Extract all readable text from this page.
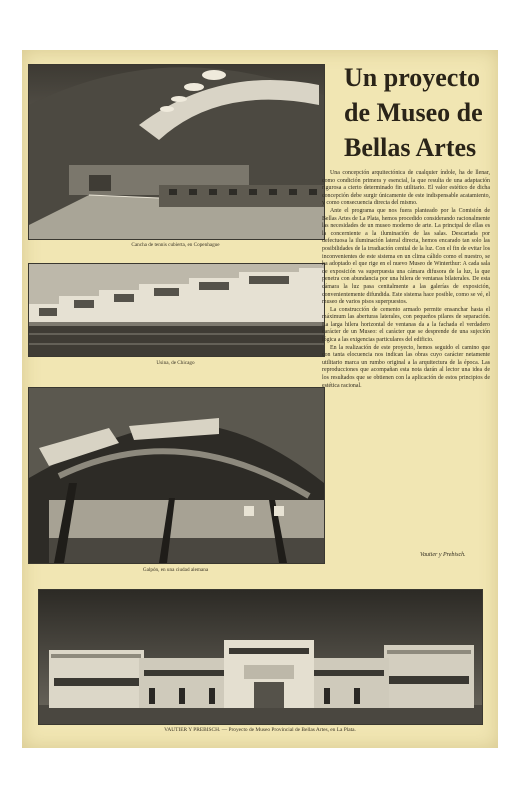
Cancha de tennis cubierta, en Copenhague
Usina, de Chicago
Galpón, en una ciudad alemana
Un proyecto
de Museo de
Bellas Artes

Una concepción arquitectónica de cualquier índole, ha de llenar, como condición primera y esencial, la que resulta de una adaptación rigurosa a cierto determinado fin utilitario. El valor estético de dicha concepción debe surgir únicamente de este indispensable acatamiento, y como consecuencia directa del mismo.

Ante el programa que nos fuera planteado por la Comisión de Bellas Artes de La Plata, hemos procedido considerando racionalmente las necesidades de un museo moderno de arte. La principal de ellas es la concerniente a la iluminación de las salas. Descartada por defectuosa la iluminación lateral directa, hemos encarado tan solo las posibilidades de la irradiación cenital de la luz. Con el fin de evitar los inconvenientes de este sistema en un clima cálido como el nuestro, se ha adoptado el que rige en el nuevo Museo de Winterthur: A cada sala de exposición va superpuesta una cámara difusora de la luz, la que penetra con abundancia por una hilera de ventanas bilaterales. De esta cámara la luz pasa cenitalmente a las galerías de exposición, convenientemente difundida. Este sistema hace posible, como se vé, el museo de varios pisos superpuestos.

La construcción de cemento armado permite ensanchar hasta el máximum las aberturas laterales, con pequeños pilares de separación. La larga hilera horizontal de ventanas da a la fachada el verdadero carácter de un Museo: el carácter que se desprende de una sujeción lógica a las exigencias particulares del edificio.

En la realización de este proyecto, hemos seguido el camino que con tanta elocuencia nos indican las obras cuyo carácter netamente utilitario marca un rumbo original a la arquitectura de la época. Las reproducciones que acompañan esta nota darán al lector una idea de los resultados que se obtienen con la aplicación de estos principios de estética racional.

Vautier y Prebisch.
VAUTIER Y PREBISCH. — Proyecto de Museo Provincial de Bellas Artes, en La Plata.
